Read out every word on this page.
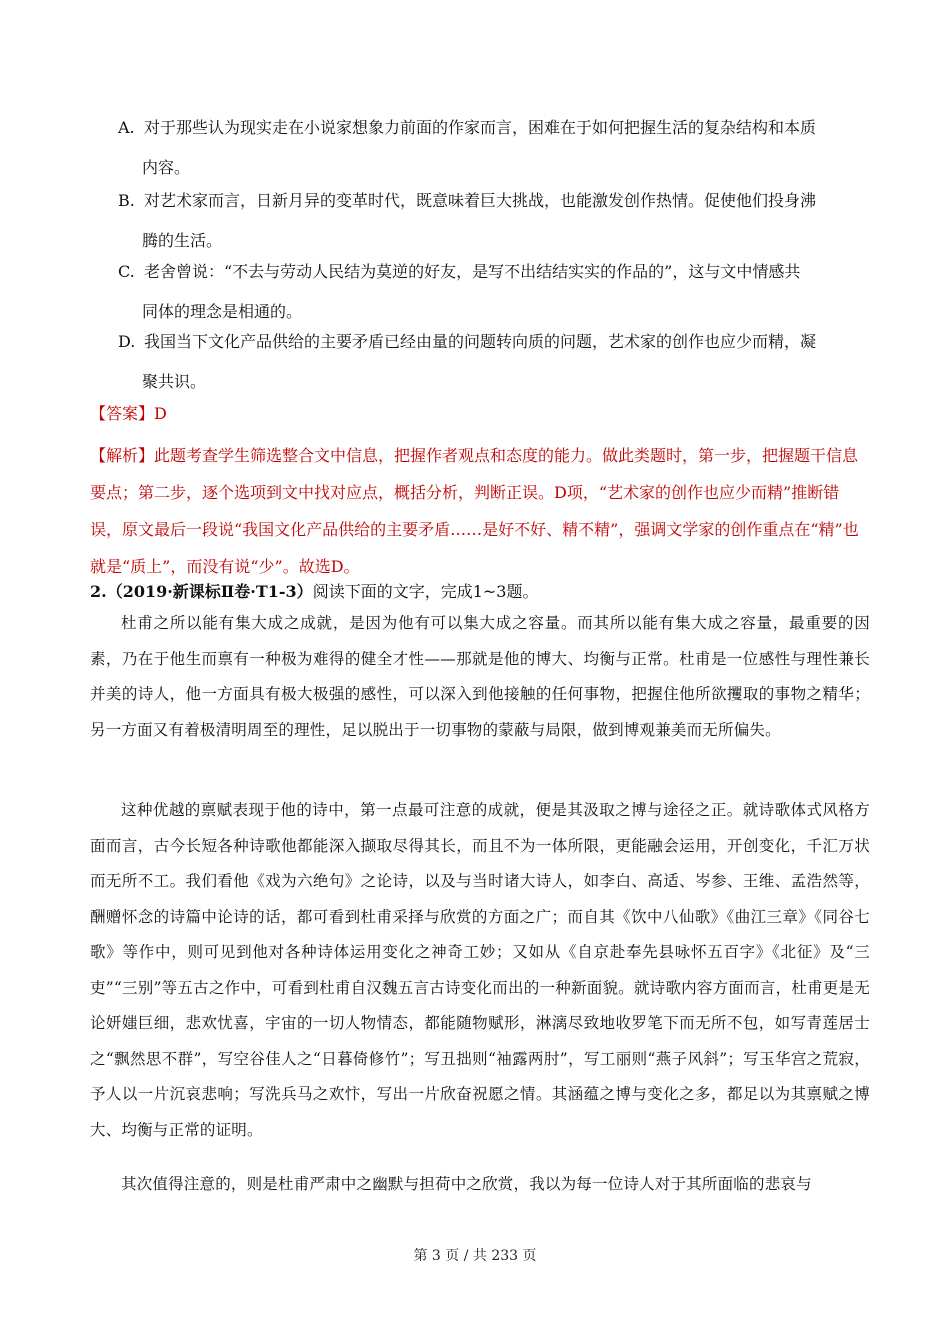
A. 对于那些认为现实走在小说家想象力前面的作家而言，困难在于如何把握生活的复杂结构和本质
内容。
B. 对艺术家而言，日新月异的变革时代，既意味着巨大挑战，也能激发创作热情。促使他们投身沸
腾的生活。
C. 老舍曾说：“不去与劳动人民结为莫逆的好友，是写不出结结实实的作品的”，这与文中情感共
同体的理念是相通的。
D. 我国当下文化产品供给的主要矛盾已经由量的问题转向质的问题，艺术家的创作也应少而精，凝
聚共识。
【答案】D
【解析】此题考查学生筛选整合文中信息，把握作者观点和态度的能力。做此类题时，第一步，把握题干信息要点；第二步，逐个选项到文中找对应点，概括分析，判断正误。D项，“艺术家的创作也应少而精”推断错误，原文最后一段说“我国文化产品供给的主要矛盾……是好不好、精不精”，强调文学家的创作重点在“精”也就是“质上”，而没有说“少”。故选D。
2.（2019·新课标Ⅱ卷·T1-3）阅读下面的文字，完成1~3题。
杜甫之所以能有集大成之成就，是因为他有可以集大成之容量。而其所以能有集大成之容量，最重要的因素，乃在于他生而禀有一种极为难得的健全才性——那就是他的博大、均衡与正常。杜甫是一位感性与理性兼长并美的诗人，他一方面具有极大极强的感性，可以深入到他接触的任何事物，把握住他所欲攫取的事物之精华；另一方面又有着极清明周至的理性，足以脱出于一切事物的蒙蔽与局限，做到博观兼美而无所偏失。
这种优越的禀赋表现于他的诗中，第一点最可注意的成就，便是其汲取之博与途径之正。就诗歌体式风格方面而言，古今长短各种诗歌他都能深入撷取尽得其长，而且不为一体所限，更能融会运用，开创变化，千汇万状而无所不工。我们看他《戏为六绝句》之论诗，以及与当时诸大诗人，如李白、高适、岑参、王维、孟浩然等，酬赠怀念的诗篇中论诗的话，都可看到杜甫采择与欣赏的方面之广；而自其《饮中八仙歌》《曲江三章》《同谷七歌》等作中，则可见到他对各种诗体运用变化之神奇工妙；又如从《自京赴奉先县咏怀五百字》《北征》及“三吏”“三别”等五古之作中，可看到杜甫自汉魏五言古诗变化而出的一种新面貌。就诗歌内容方面而言，杜甫更是无论妍媸巨细，悲欢忧喜，宇宙的一切人物情态，都能随物赋形，淋漓尽致地收罗笔下而无所不包，如写青莲居士之“飘然思不群”，写空谷佳人之“日暮倚修竹”；写丑拙则“袖露两肘”，写工丽则“燕子风斜”；写玉华宫之荒寂，予人以一片沉哀悲响；写洗兵马之欢忭，写出一片欣奋祝愿之情。其涵蕴之博与变化之多，都足以为其禀赋之博大、均衡与正常的证明。
其次值得注意的，则是杜甫严肃中之幽默与担荷中之欣赏，我以为每一位诗人对于其所面临的悲哀与
第 3 页 / 共 233 页
